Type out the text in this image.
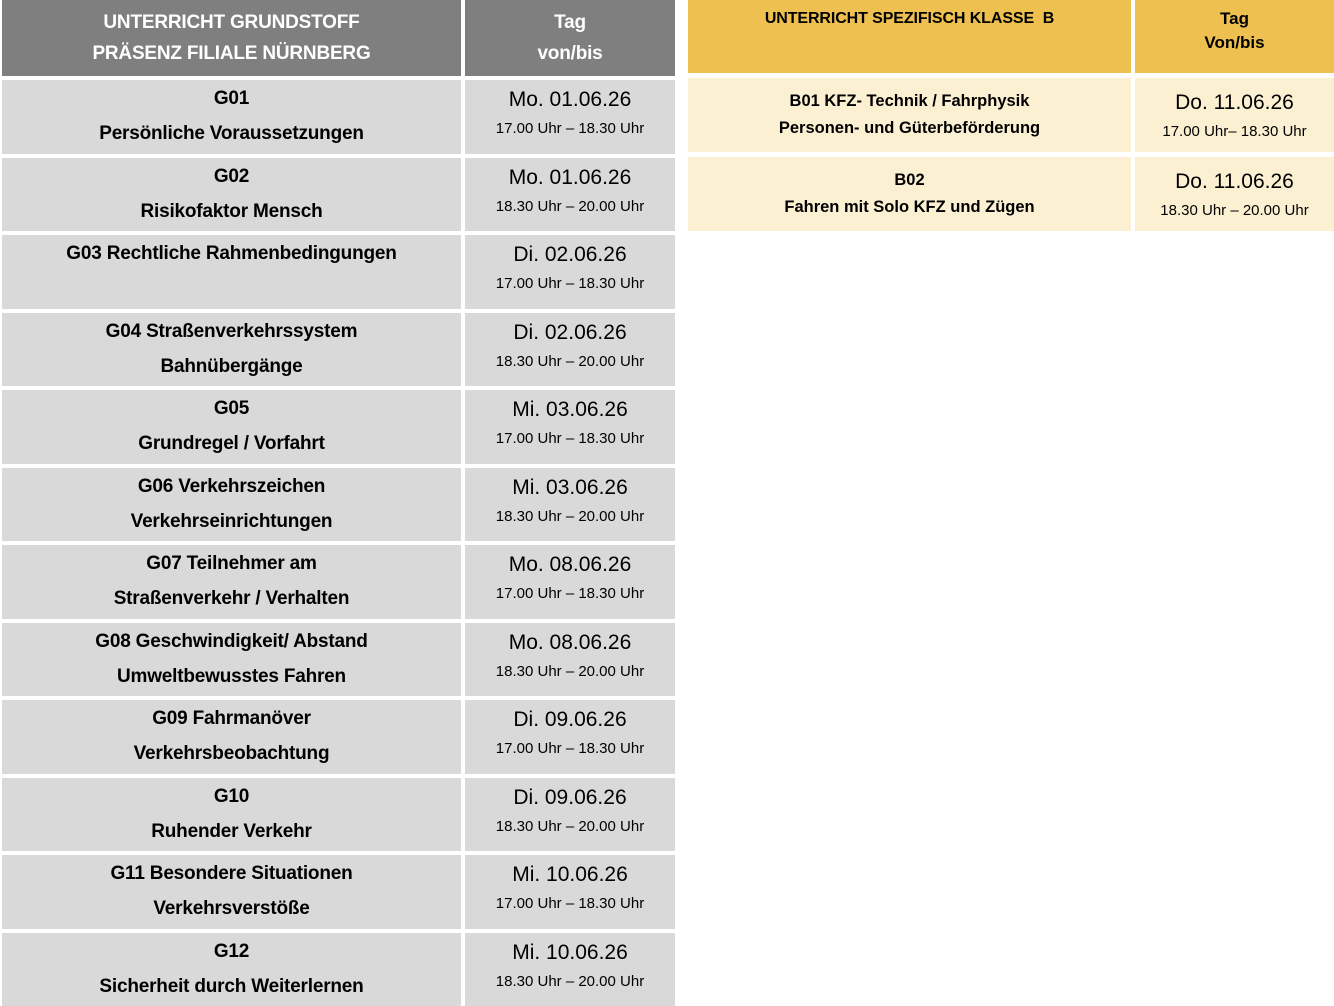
UNTERRICHT GRUNDSTOFF
PRÄSENZ FILIALE NÜRNBERG
Tag
von/bis
G01
Persönliche Voraussetzungen
Mo. 01.06.26
17.00 Uhr – 18.30 Uhr
G02
Risikofaktor Mensch
Mo. 01.06.26
18.30 Uhr – 20.00 Uhr
G03 Rechtliche Rahmenbedingungen	Di. 02.06.26
17.00 Uhr – 18.30 Uhr
G04 Straßenverkehrssystem
Bahnübergänge
Di. 02.06.26
18.30 Uhr – 20.00 Uhr
G05
Grundregel / Vorfahrt
Mi. 03.06.26
17.00 Uhr – 18.30 Uhr
G06 Verkehrszeichen
Verkehrseinrichtungen
Mi. 03.06.26
18.30 Uhr – 20.00 Uhr
G07 Teilnehmer am
Straßenverkehr / Verhalten
Mo. 08.06.26
17.00 Uhr – 18.30 Uhr
G08 Geschwindigkeit/ Abstand
Umweltbewusstes Fahren
Mo. 08.06.26
18.30 Uhr – 20.00 Uhr
G09 Fahrmanöver
Verkehrsbeobachtung
Di. 09.06.26
17.00 Uhr – 18.30 Uhr
G10
Ruhender Verkehr
Di. 09.06.26
18.30 Uhr – 20.00 Uhr
G11 Besondere Situationen
Verkehrsverstöße
Mi. 10.06.26
17.00 Uhr – 18.30 Uhr
G12
Sicherheit durch Weiterlernen
Mi. 10.06.26
18.30 Uhr – 20.00 Uhr
UNTERRICHT SPEZIFISCH KLASSE  B	Tag
Von/bis
B01 KFZ- Technik / Fahrphysik
Personen- und Güterbeförderung
Do. 11.06.26
17.00 Uhr– 18.30 Uhr
B02
Fahren mit Solo KFZ und Zügen
Do. 11.06.26
18.30 Uhr – 20.00 Uhr
